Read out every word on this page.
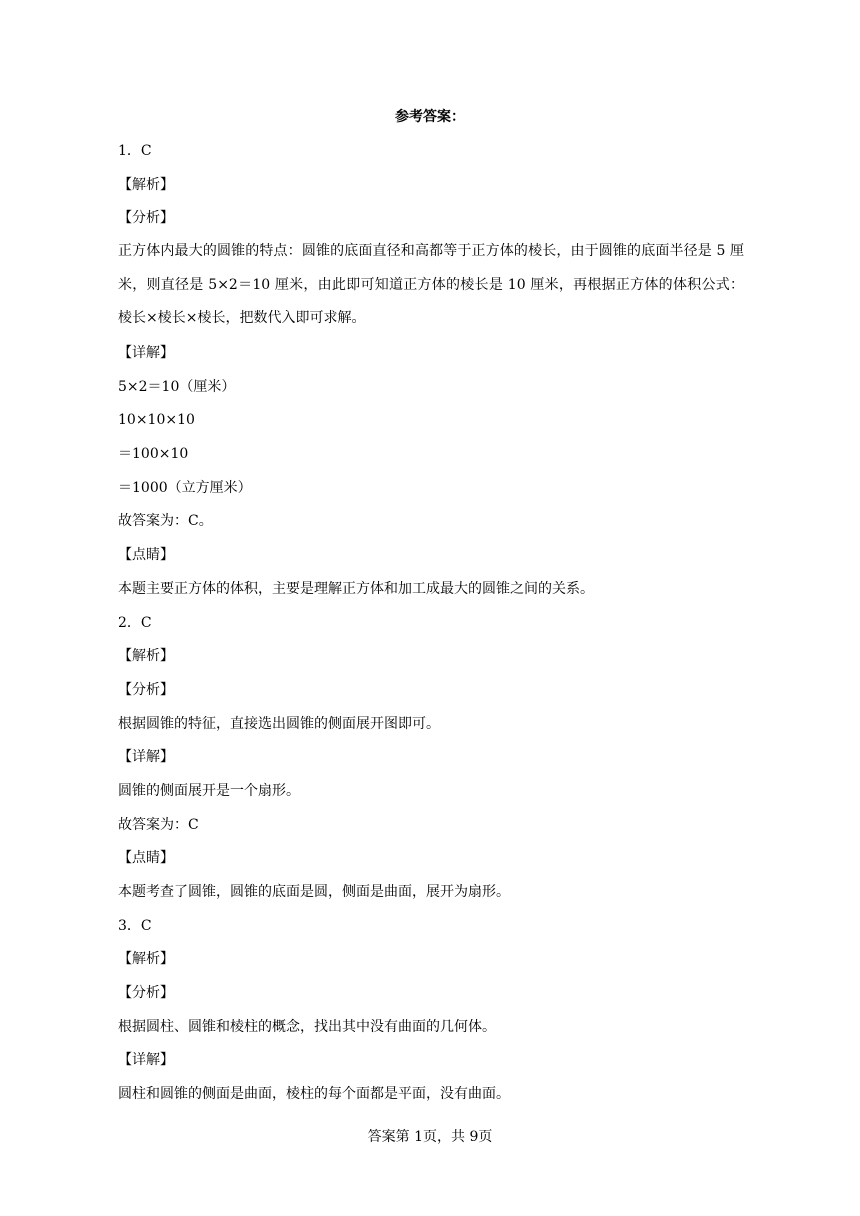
参考答案：
1．C
【解析】
【分析】
正方体内最大的圆锥的特点：圆锥的底面直径和高都等于正方体的棱长，由于圆锥的底面半径是 5 厘米，则直径是 5×2＝10 厘米，由此即可知道正方体的棱长是 10 厘米，再根据正方体的体积公式：棱长×棱长×棱长，把数代入即可求解。
【详解】
5×2＝10（厘米）
10×10×10
＝100×10
＝1000（立方厘米）
故答案为：C。
【点睛】
本题主要正方体的体积，主要是理解正方体和加工成最大的圆锥之间的关系。
2．C
【解析】
【分析】
根据圆锥的特征，直接选出圆锥的侧面展开图即可。
【详解】
圆锥的侧面展开是一个扇形。
故答案为：C
【点睛】
本题考查了圆锥，圆锥的底面是圆，侧面是曲面，展开为扇形。
3．C
【解析】
【分析】
根据圆柱、圆锥和棱柱的概念，找出其中没有曲面的几何体。
【详解】
圆柱和圆锥的侧面是曲面，棱柱的每个面都是平面，没有曲面。
答案第 1页，共 9页
